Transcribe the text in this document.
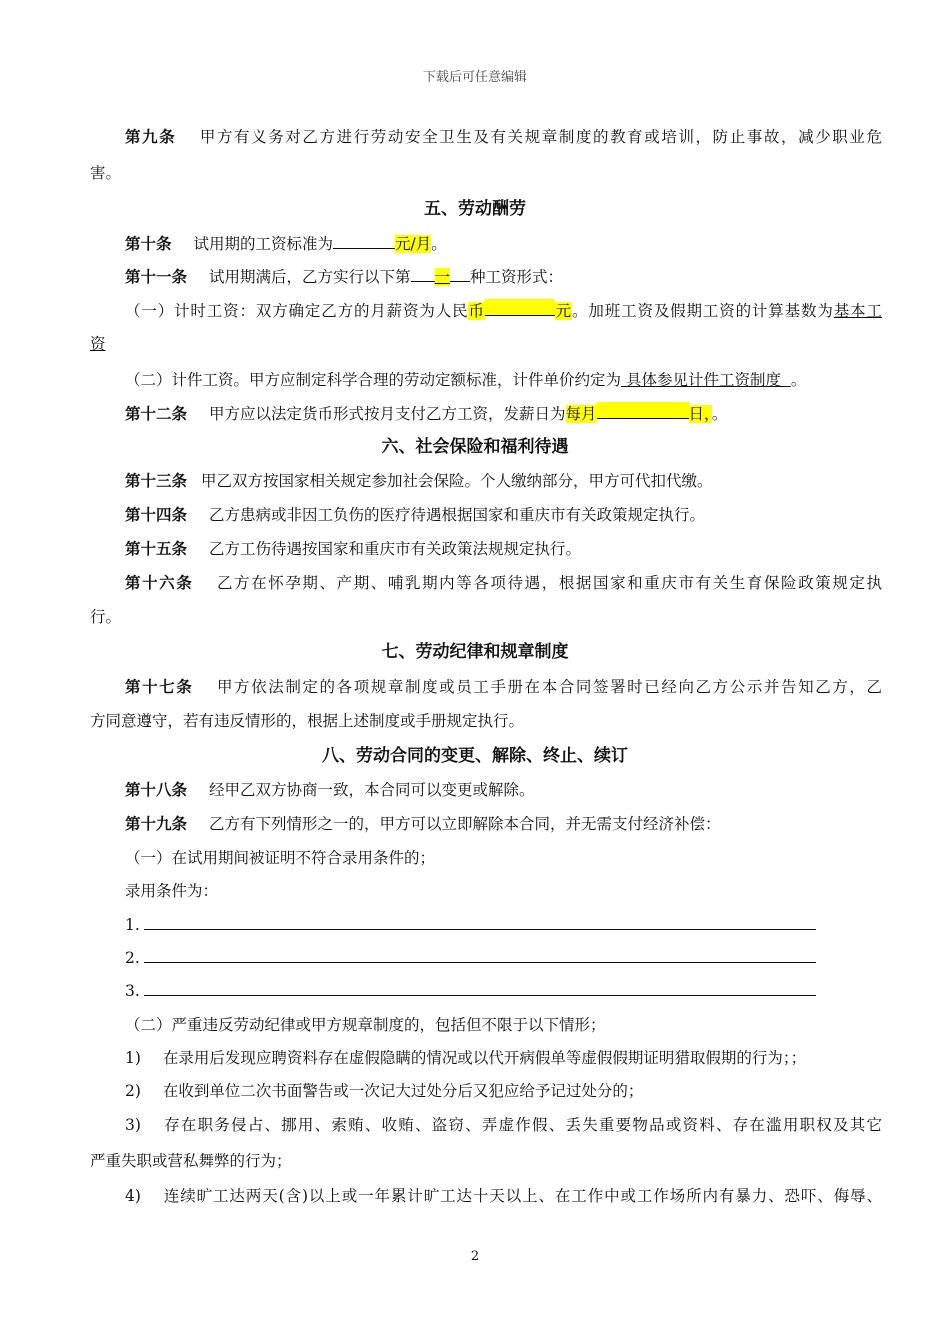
下载后可任意编辑
第九条 甲方有义务对乙方进行劳动安全卫生及有关规章制度的教育或培训，防止事故，减少职业危
害。
五、劳动酬劳
第十条 试用期的工资标准为	元/月。
第十一条 试用期满后，乙方实行以下第 一 种工资形式：
（一）计时工资：双方确定乙方的月薪资为人民币	元。加班工资及假期工资的计算基数为基本工
资
（二）计件工资。甲方应制定科学合理的劳动定额标准，计件单价约定为 具体参见计件工资制度  。
第十二条 甲方应以法定货币形式按月支付乙方工资，发薪日为每月	日，。
六、社会保险和福利待遇
第十三条 甲乙双方按国家相关规定参加社会保险。个人缴纳部分，甲方可代扣代缴。
第十四条 乙方患病或非因工负伤的医疗待遇根据国家和重庆市有关政策规定执行。
第十五条 乙方工伤待遇按国家和重庆市有关政策法规规定执行。
第十六条 乙方在怀孕期、产期、哺乳期内等各项待遇，根据国家和重庆市有关生育保险政策规定执
行。
七、劳动纪律和规章制度
第十七条 甲方依法制定的各项规章制度或员工手册在本合同签署时已经向乙方公示并告知乙方，乙
方同意遵守，若有违反情形的，根据上述制度或手册规定执行。
八、劳动合同的变更、解除、终止、续订
第十八条 经甲乙双方协商一致，本合同可以变更或解除。
第十九条 乙方有下列情形之一的，甲方可以立即解除本合同，并无需支付经济补偿：
（一）在试用期间被证明不符合录用条件的；
录用条件为：
1.
2.
3.
（二）严重违反劳动纪律或甲方规章制度的，包括但不限于以下情形；
1) 在录用后发现应聘资料存在虚假隐瞒的情况或以代开病假单等虚假假期证明猎取假期的行为；；
2) 在收到单位二次书面警告或一次记大过处分后又犯应给予记过处分的；
3) 存在职务侵占、挪用、索贿、收贿、盗窃、弄虚作假、丢失重要物品或资料、存在滥用职权及其它
严重失职或营私舞弊的行为；
4) 连续旷工达两天(含)以上或一年累计旷工达十天以上、在工作中或工作场所内有暴力、恐吓、侮辱、
2
